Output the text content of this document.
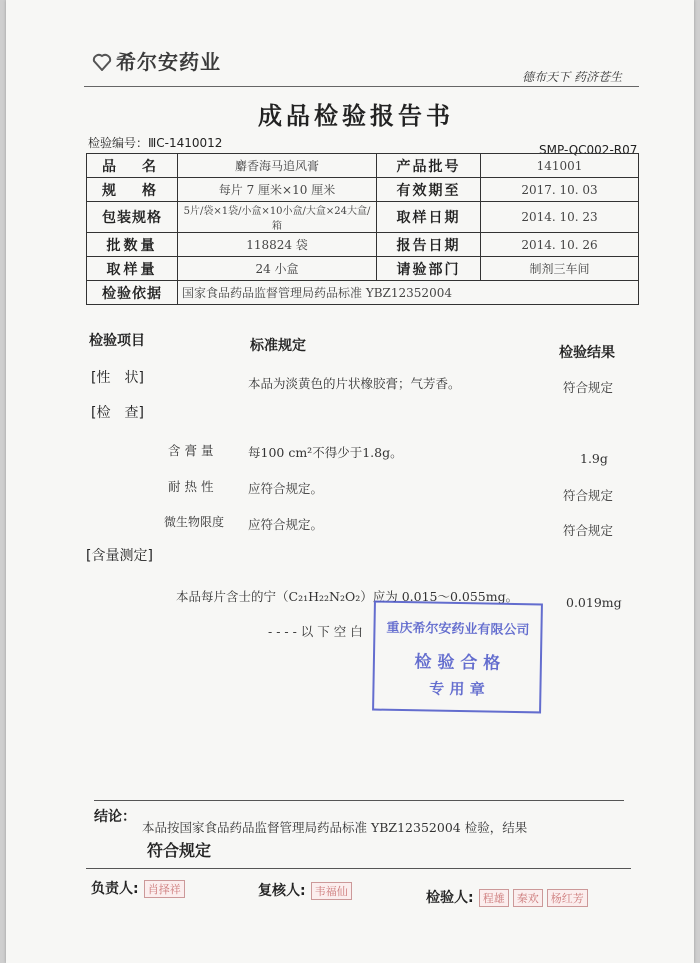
希尔安药业
德布天下 药济苍生
成品检验报告书
检验编号：ⅢC-1410012	SMP-QC002-R07
品　名	麝香海马追风膏	产品批号	141001
规　格	每片 7 厘米×10 厘米	有效期至	2017. 10. 03
包装规格	5片/袋×1袋/小盒×10小盒/大盒×24大盒/箱	取样日期	2014. 10. 23
批数量	118824 袋	报告日期	2014. 10. 26
取样量	24 小盒	请验部门	制剂三车间
检验依据	国家食品药品监督管理局药品标准 YBZ12352004		
检验项目	标准规定	检验结果
[性　状]	本品为淡黄色的片状橡胶膏；气芳香。	符合规定
[检　查]
含 膏 量	每100 cm²不得少于1.8g。	1.9g
耐 热 性	应符合规定。	符合规定
微生物限度 应符合规定。	符合规定
[含量测定]
本品每片含士的宁（C₂₁H₂₂N₂O₂）应为 0.015～0.055mg。	0.019mg
- - - - 以 下 空 白	重庆希尔安药业有限公司
检 验 合 格
专 用 章
结论：
本品按国家食品药品监督管理局药品标准 YBZ12352004 检验，结果
符合规定
负责人: 肖择祥	复核人: 韦福仙	检验人: 程雄 秦欢 杨红芳
